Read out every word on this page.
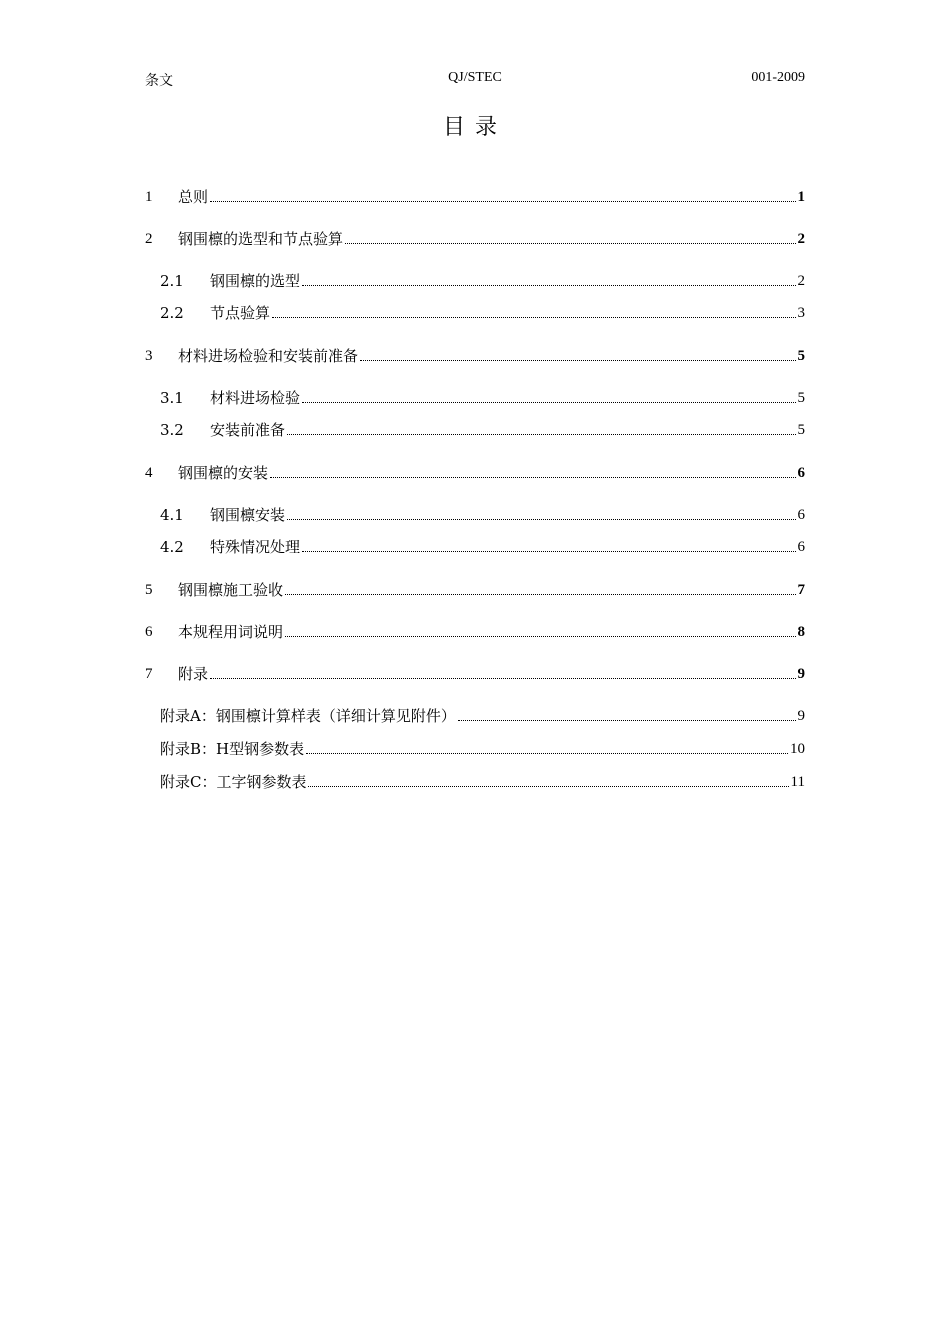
条文	QJ/STEC	001-2009
目录
1	总则	1
2	钢围檩的选型和节点验算	2
2.1	钢围檩的选型	2
2.2	节点验算	3
3	材料进场检验和安装前准备	5
3.1	材料进场检验	5
3.2	安装前准备	5
4	钢围檩的安装	6
4.1	钢围檩安装	6
4.2	特殊情况处理	6
5	钢围檩施工验收	7
6	本规程用词说明	8
7	附录	9
附录A：钢围檩计算样表（详细计算见附件）	9
附录B：H型钢参数表	10
附录C：工字钢参数表	11
